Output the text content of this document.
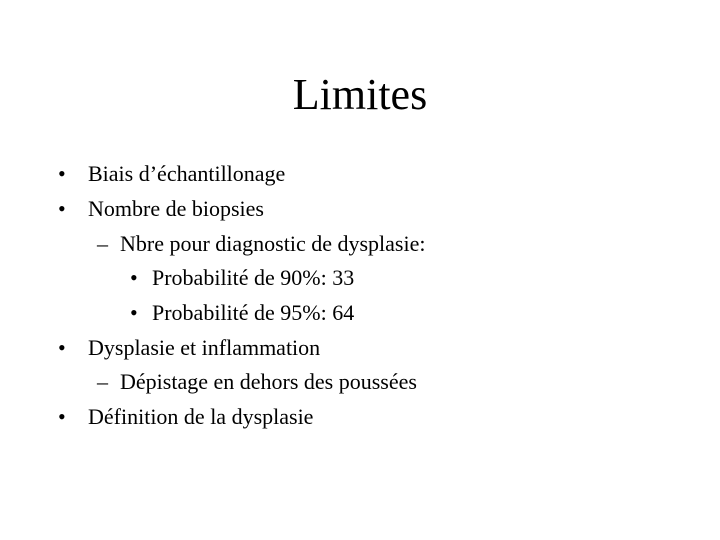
Limites
•	Biais d’échantillonage
•	Nombre de biopsies
– Nbre pour diagnostic de dysplasie:
• Probabilité de 90%: 33
• Probabilité de 95%: 64
•	Dysplasie et inflammation
– Dépistage en dehors des poussées
•	Définition de la dysplasie
